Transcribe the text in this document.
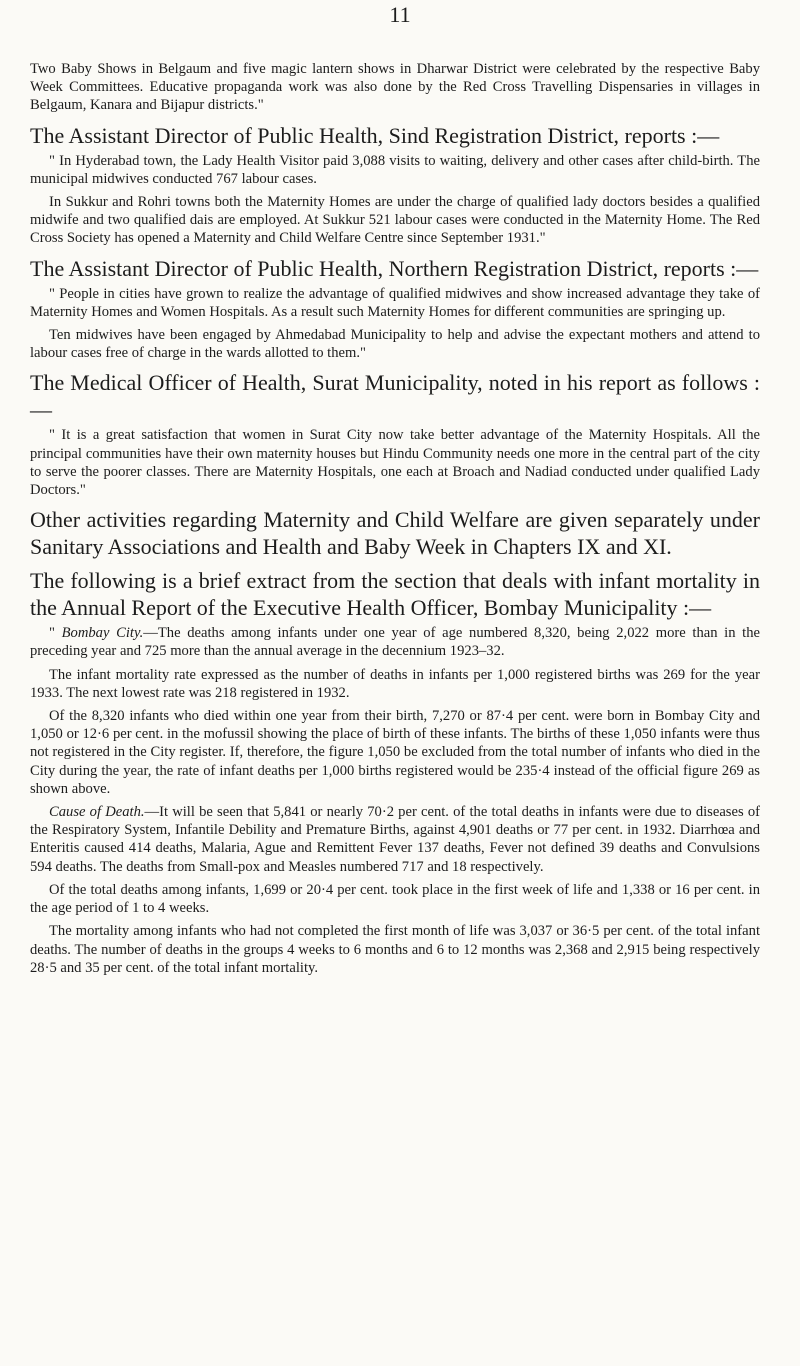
11

Two Baby Shows in Belgaum and five magic lantern shows in Dharwar District were celebrated by the respective Baby Week Committees. Educative propaganda work was also done by the Red Cross Travelling Dispensaries in villages in Belgaum, Kanara and Bijapur districts."

The Assistant Director of Public Health, Sind Registration District, reports :—

" In Hyderabad town, the Lady Health Visitor paid 3,088 visits to waiting, delivery and other cases after child-birth. The municipal midwives conducted 767 labour cases.

In Sukkur and Rohri towns both the Maternity Homes are under the charge of qualified lady doctors besides a qualified midwife and two qualified dais are employed. At Sukkur 521 labour cases were conducted in the Maternity Home. The Red Cross Society has opened a Maternity and Child Welfare Centre since September 1931."

The Assistant Director of Public Health, Northern Registration District, reports :—

" People in cities have grown to realize the advantage of qualified midwives and show increased advantage they take of Maternity Homes and Women Hospitals. As a result such Maternity Homes for different communities are springing up.

Ten midwives have been engaged by Ahmedabad Municipality to help and advise the expectant mothers and attend to labour cases free of charge in the wards allotted to them."

The Medical Officer of Health, Surat Municipality, noted in his report as follows :—

" It is a great satisfaction that women in Surat City now take better advantage of the Maternity Hospitals. All the principal communities have their own maternity houses but Hindu Community needs one more in the central part of the city to serve the poorer classes. There are Maternity Hospitals, one each at Broach and Nadiad conducted under qualified Lady Doctors."

Other activities regarding Maternity and Child Welfare are given separately under Sanitary Associations and Health and Baby Week in Chapters IX and XI.
The following is a brief extract from the section that deals with infant mortality in the Annual Report of the Executive Health Officer, Bombay Municipality :—

" Bombay City.—The deaths among infants under one year of age numbered 8,320, being 2,022 more than in the preceding year and 725 more than the annual average in the decennium 1923–32.

The infant mortality rate expressed as the number of deaths in infants per 1,000 registered births was 269 for the year 1933. The next lowest rate was 218 registered in 1932.

Of the 8,320 infants who died within one year from their birth, 7,270 or 87·4 per cent. were born in Bombay City and 1,050 or 12·6 per cent. in the mofussil showing the place of birth of these infants. The births of these 1,050 infants were thus not registered in the City register. If, therefore, the figure 1,050 be excluded from the total number of infants who died in the City during the year, the rate of infant deaths per 1,000 births registered would be 235·4 instead of the official figure 269 as shown above.

Cause of Death.—It will be seen that 5,841 or nearly 70·2 per cent. of the total deaths in infants were due to diseases of the Respiratory System, Infantile Debility and Premature Births, against 4,901 deaths or 77 per cent. in 1932. Diarrhœa and Enteritis caused 414 deaths, Malaria, Ague and Remittent Fever 137 deaths, Fever not defined 39 deaths and Convulsions 594 deaths. The deaths from Small-pox and Measles numbered 717 and 18 respectively.

Of the total deaths among infants, 1,699 or 20·4 per cent. took place in the first week of life and 1,338 or 16 per cent. in the age period of 1 to 4 weeks.

The mortality among infants who had not completed the first month of life was 3,037 or 36·5 per cent. of the total infant deaths. The number of deaths in the groups 4 weeks to 6 months and 6 to 12 months was 2,368 and 2,915 being respectively 28·5 and 35 per cent. of the total infant mortality.
